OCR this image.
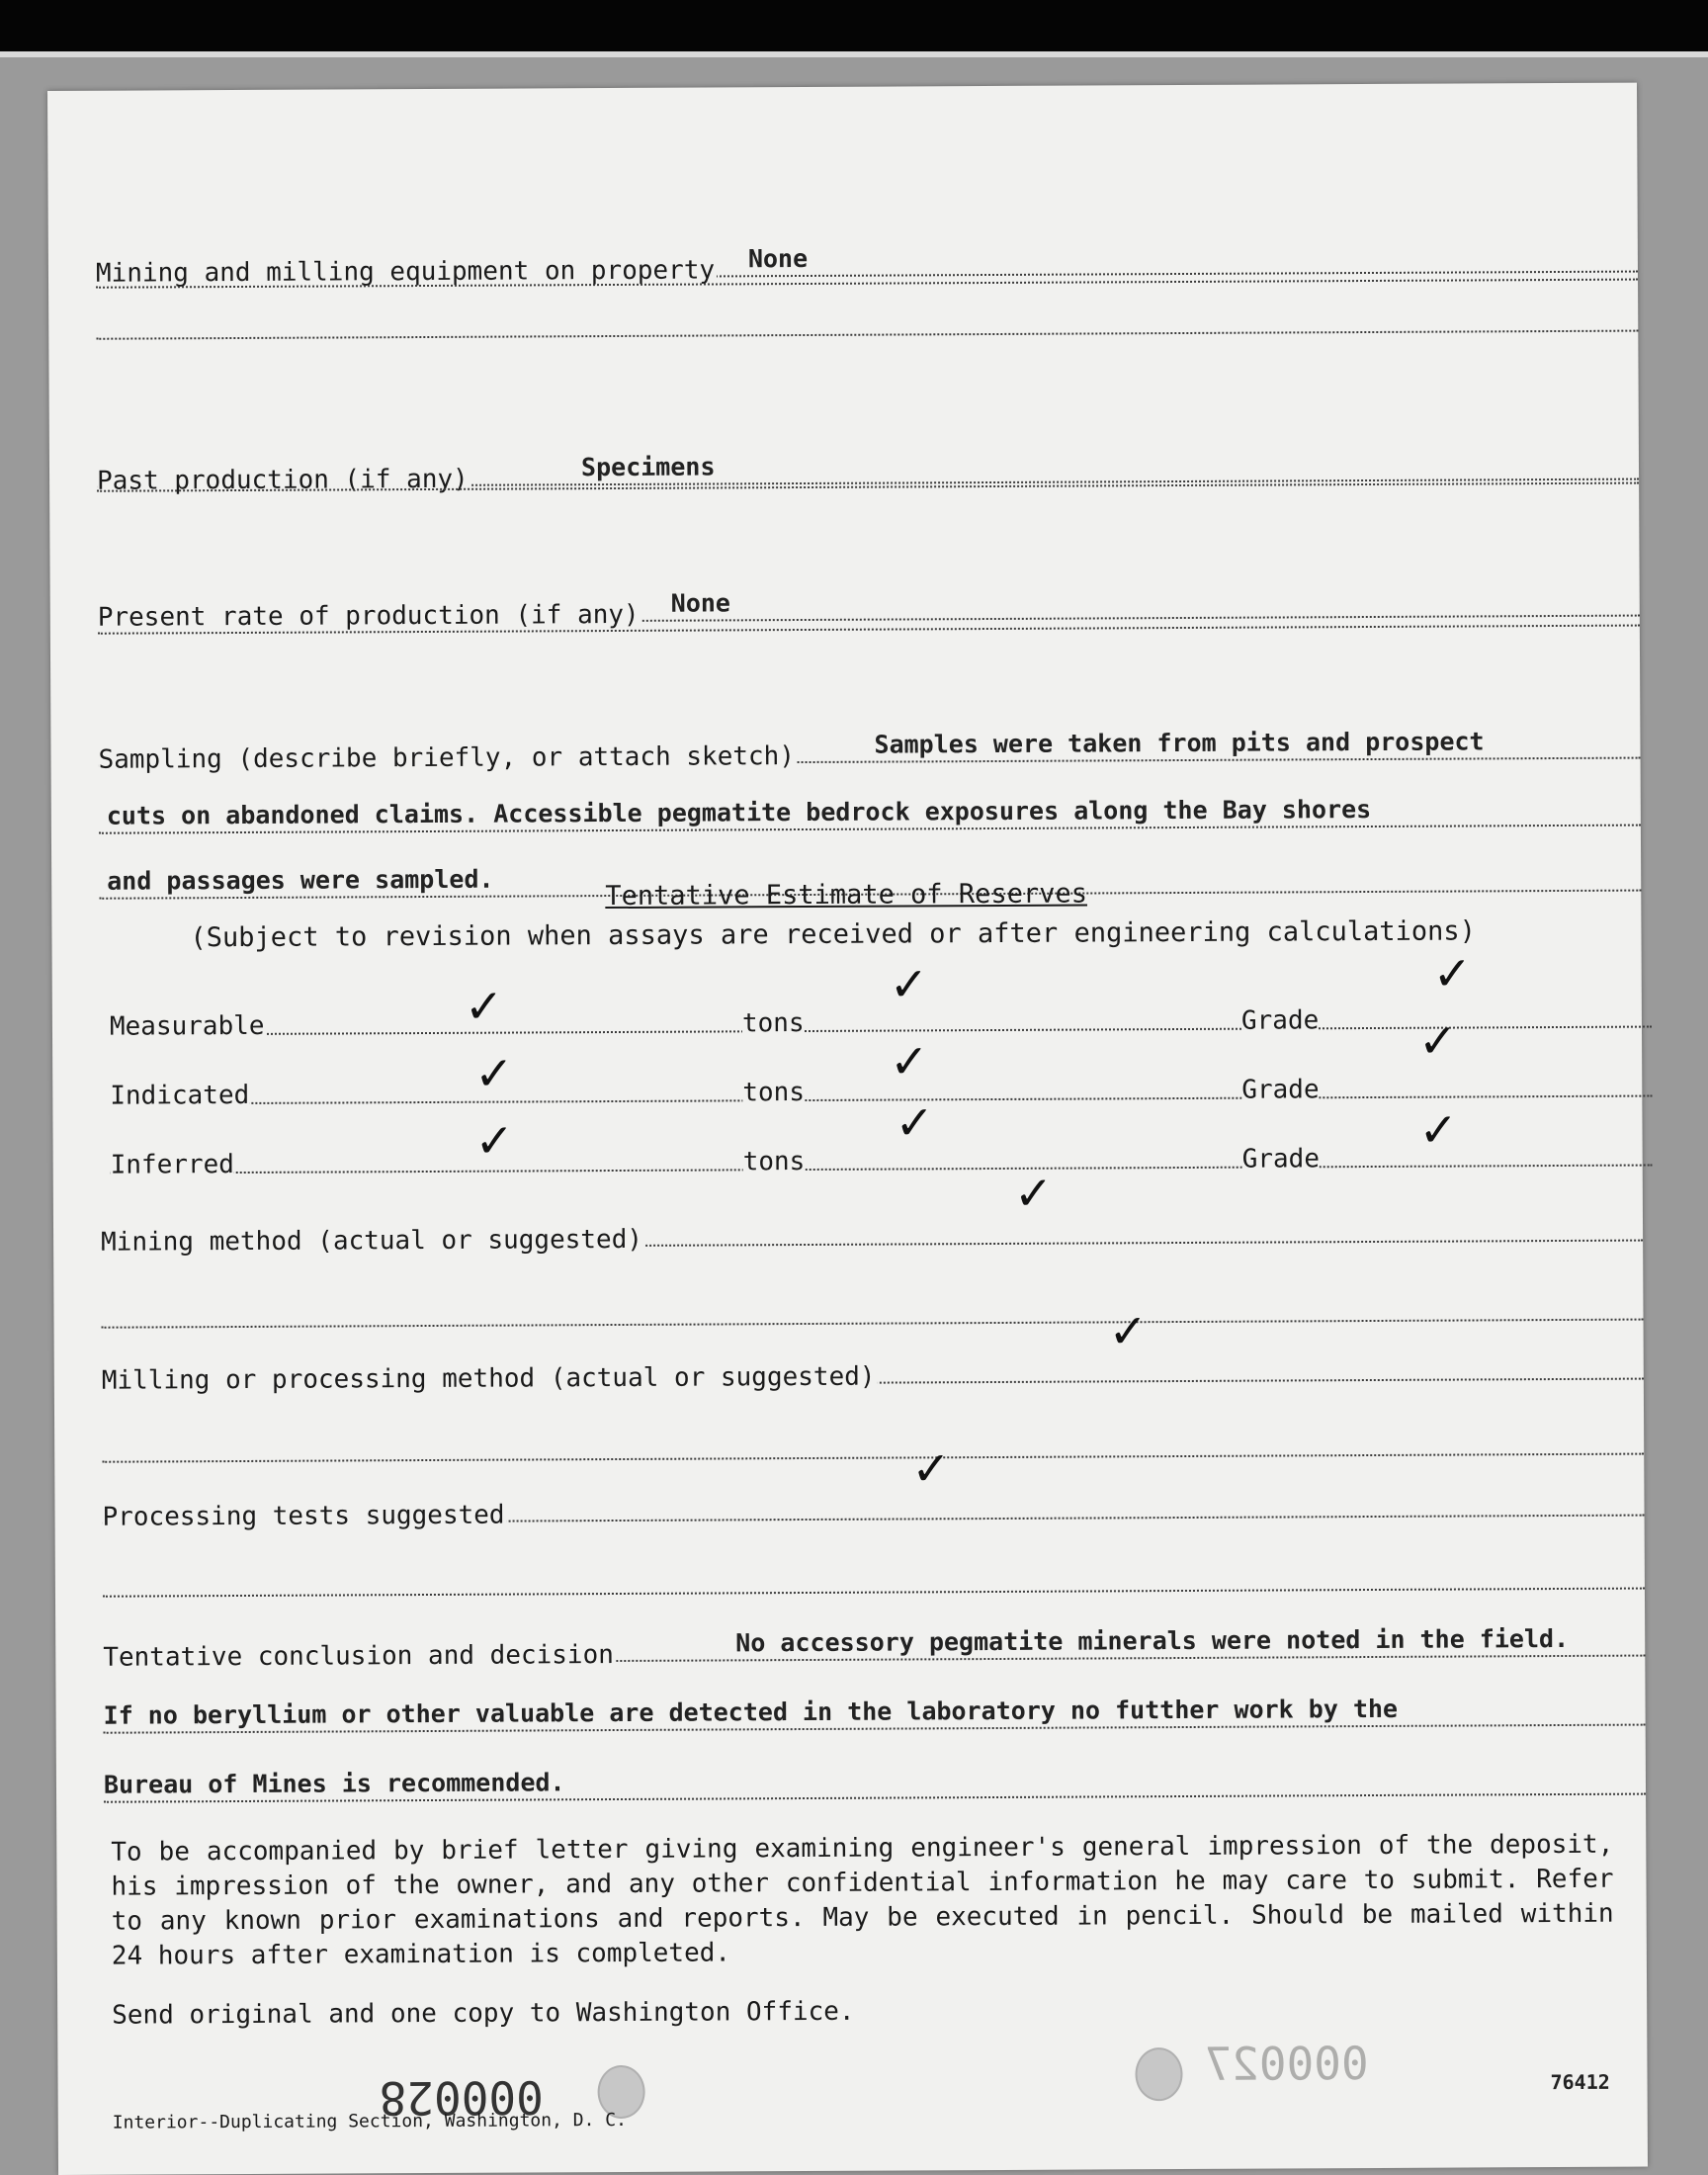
Mining and milling equipment on property None
Past production (if any)	Specimens
Present rate of production (if any) None
Sampling (describe briefly, or attach sketch)	Samples were taken from pits and prospect
cuts on abandoned claims. Accessible pegmatite bedrock exposures along the Bay shores
and passages were sampled.	Tentative Estimate of Reserves
(Subject to revision when assays are received or after engineering calculations)
Measurable	tons	Grade
Indicated	tons	Grade
Inferred	tons	Grade
✓	✓	✓
✓	✓	✓
✓	✓	✓
Mining method (actual or suggested)
✓
Milling or processing method (actual or suggested)
✓
Processing tests suggested
✓
Tentative conclusion and decision	No accessory pegmatite minerals were noted in the field.
If no beryllium or other valuable are detected in the laboratory no futther work by the
Bureau of Mines is recommended.
To be accompanied by brief letter giving examining engineer's general impression of the deposit, his impression of the owner, and any other confidential information he may care to submit. Refer to any known prior examinations and reports. May be executed in pencil. Should be mailed within 24 hours after examination is completed.
Send original and one copy to Washington Office.
000028
000027	76412
Interior--Duplicating Section, Washington, D. C.
